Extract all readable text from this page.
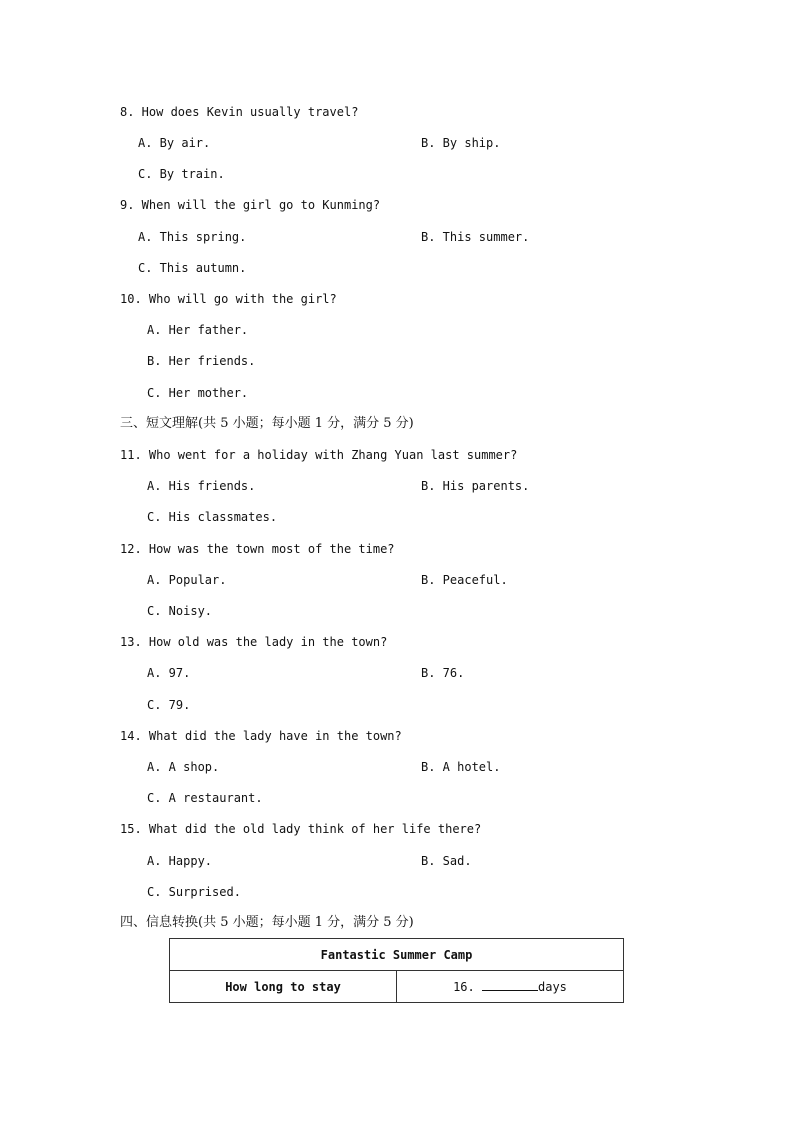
8. How does Kevin usually travel?
A. By air.	B. By ship.
C. By train.
9. When will the girl go to Kunming?
A. This spring.	B. This summer.
C. This autumn.
10. Who will go with the girl?
A. Her father.
B. Her friends.
C. Her mother.
三、短文理解(共 5 小题；每小题 1 分，满分 5 分)
11. Who went for a holiday with Zhang Yuan last summer?
A. His friends.	B. His parents.
C. His classmates.
12. How was the town most of the time?
A. Popular.	B. Peaceful.
C. Noisy.
13. How old was the lady in the town?
A. 97.	B. 76.
C. 79.
14. What did the lady have in the town?
A. A shop.	B. A hotel.
C. A restaurant.
15. What did the old lady think of her life there?
A. Happy.	B. Sad.
C. Surprised.
四、信息转换(共 5 小题；每小题 1 分，满分 5 分)
Fantastic Summer Camp
How long to stay	16.	days
